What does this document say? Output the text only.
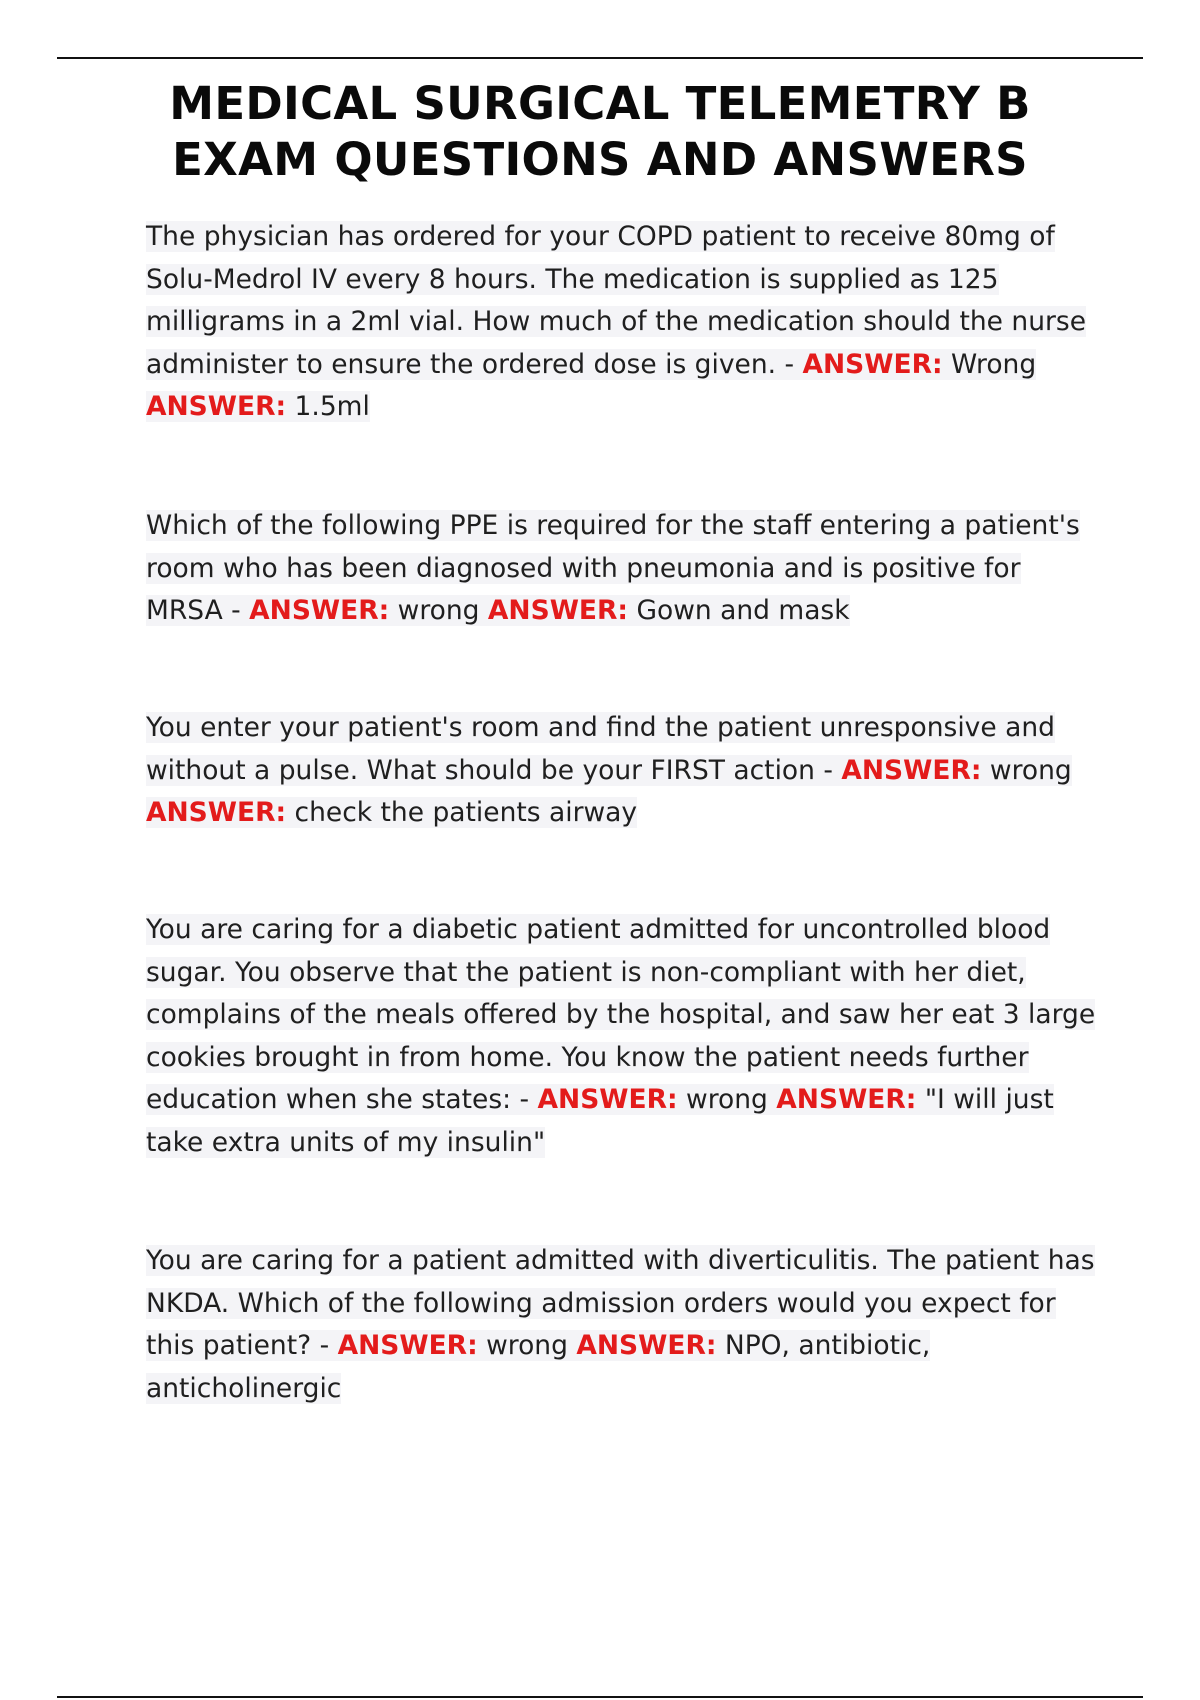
MEDICAL SURGICAL TELEMETRY B
EXAM QUESTIONS AND ANSWERS

The physician has ordered for your COPD patient to receive 80mg of Solu-Medrol IV every 8 hours. The medication is supplied as 125 milligrams in a 2ml vial. How much of the medication should the nurse administer to ensure the ordered dose is given. - ANSWER: Wrong ANSWER: 1.5ml

Which of the following PPE is required for the staff entering a patient's room who has been diagnosed with pneumonia and is positive for MRSA - ANSWER: wrong ANSWER: Gown and mask

You enter your patient's room and find the patient unresponsive and without a pulse. What should be your FIRST action - ANSWER: wrong ANSWER: check the patients airway

You are caring for a diabetic patient admitted for uncontrolled blood sugar. You observe that the patient is non-compliant with her diet, complains of the meals offered by the hospital, and saw her eat 3 large cookies brought in from home. You know the patient needs further education when she states: - ANSWER: wrong ANSWER: "I will just take extra units of my insulin"

You are caring for a patient admitted with diverticulitis. The patient has NKDA. Which of the following admission orders would you expect for this patient? - ANSWER: wrong ANSWER: NPO, antibiotic, anticholinergic
